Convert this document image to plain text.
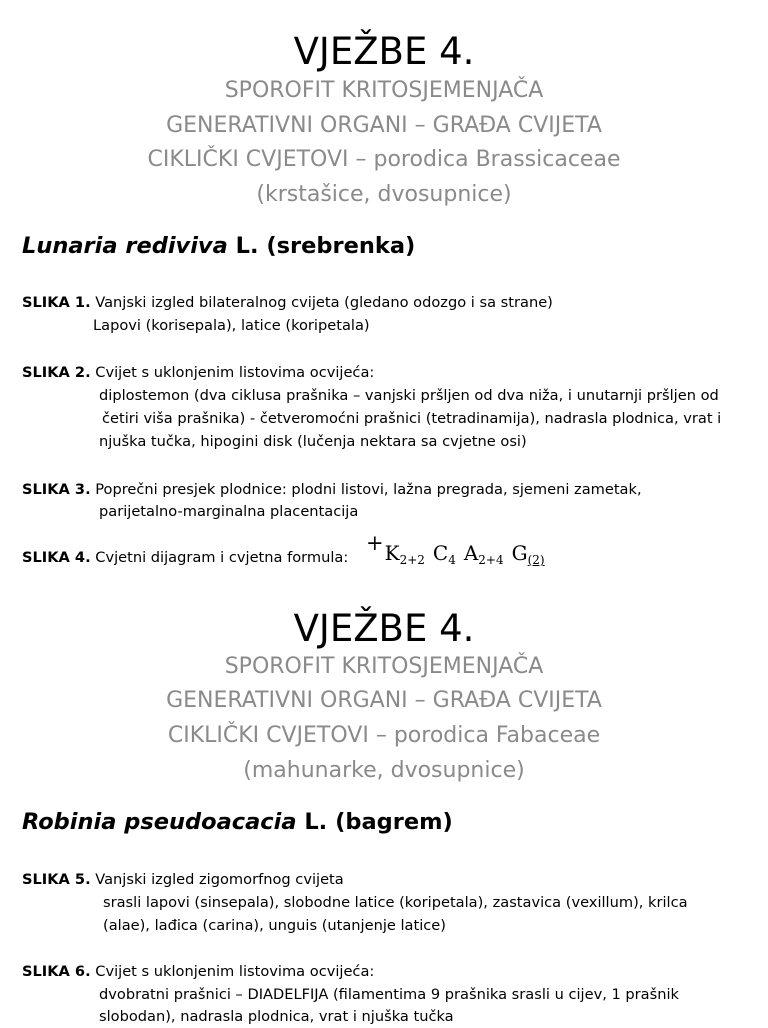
VJEŽBE 4.
SPOROFIT KRITOSJEMENJAČA
GENERATIVNI ORGANI – GRAĐA CVIJETA
CIKLIČKI CVJETOVI – porodica Brassicaceae
(krstašice, dvosupnice)
Lunaria rediviva L. (srebrenka)
SLIKA 1. Vanjski izgled bilateralnog cvijeta (gledano odozgo i sa strane)
Lapovi (korisepala), latice (koripetala)
SLIKA 2. Cvijet s uklonjenim listovima ocvijeća:
diplostemon (dva ciklusa prašnika – vanjski pršljen od dva niža, i unutarnji pršljen od
četiri viša prašnika) - četveromoćni prašnici (tetradinamija), nadrasla plodnica, vrat i
njuška tučka, hipogini disk (lučenja nektara sa cvjetne osi)
SLIKA 3. Poprečni presjek plodnice: plodni listovi, lažna pregrada, sjemeni zametak,
parijetalno-marginalna placentacija
SLIKA 4. Cvjetni dijagram i cvjetna formula:
$+K_{2+2}$ $C_4$ $A_{2+4}$ $G_{(2)}$
VJEŽBE 4.
SPOROFIT KRITOSJEMENJAČA
GENERATIVNI ORGANI – GRAĐA CVIJETA
CIKLIČKI CVJETOVI – porodica Fabaceae
(mahunarke, dvosupnice)
Robinia pseudoacacia L. (bagrem)
SLIKA 5. Vanjski izgled zigomorfnog cvijeta
srasli lapovi (sinsepala), slobodne latice (koripetala), zastavica (vexillum), krilca
(alae), lađica (carina), unguis (utanjenje latice)
SLIKA 6. Cvijet s uklonjenim listovima ocvijeća:
dvobratni prašnici – DIADELFIJA (filamentima 9 prašnika srasli u cijev, 1 prašnik
slobodan), nadrasla plodnica, vrat i njuška tučka
